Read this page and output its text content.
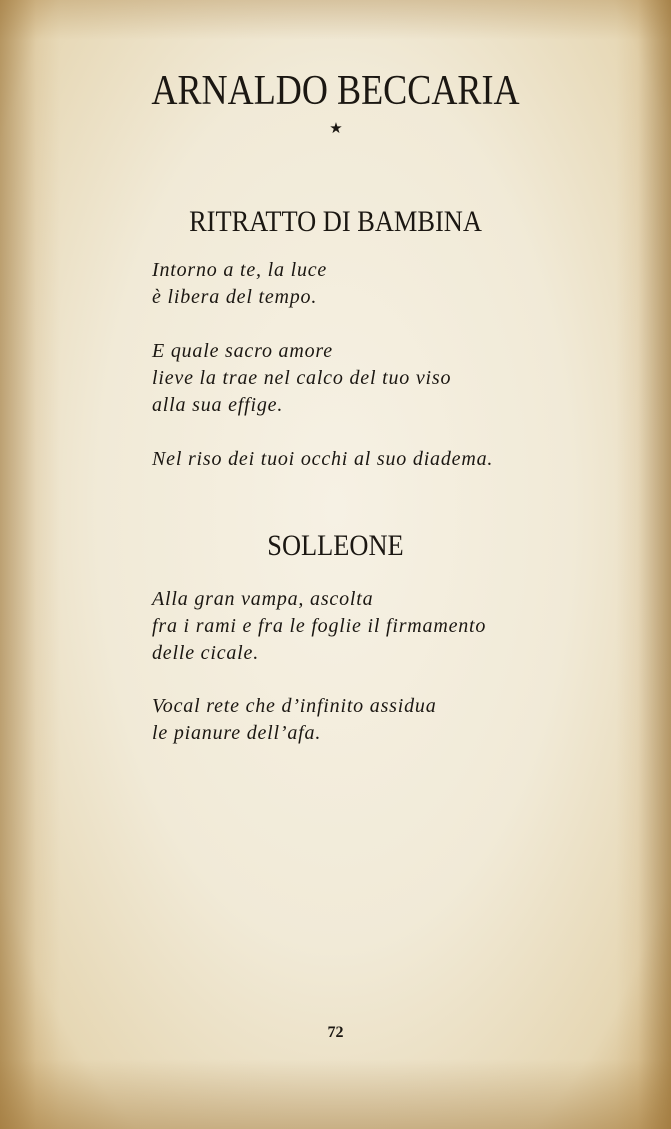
ARNALDO BECCARIA
★
RITRATTO DI BAMBINA
Intorno a te, la luce
è libera del tempo.
E quale sacro amore
lieve la trae nel calco del tuo viso
alla sua effige.
Nel riso dei tuoi occhi al suo diadema.
SOLLEONE
Alla gran vampa, ascolta
fra i rami e fra le foglie il firmamento
delle cicale.
Vocal rete che d’infinito assidua
le pianure dell’afa.
72
